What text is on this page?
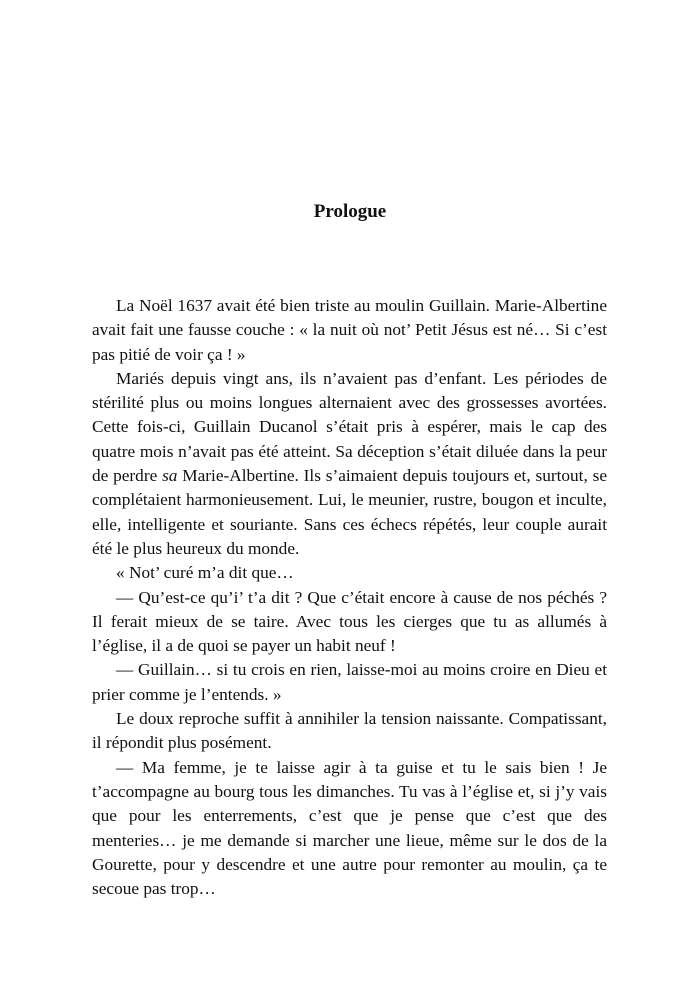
Prologue

La Noël 1637 avait été bien triste au moulin Guillain. Marie-Albertine avait fait une fausse couche : « la nuit où not’ Petit Jésus est né… Si c’est pas pitié de voir ça ! »

Mariés depuis vingt ans, ils n’avaient pas d’enfant. Les périodes de stérilité plus ou moins longues alternaient avec des grossesses avortées. Cette fois-ci, Guillain Ducanol s’était pris à espérer, mais le cap des quatre mois n’avait pas été atteint. Sa déception s’était diluée dans la peur de perdre sa Marie-Albertine. Ils s’aimaient depuis toujours et, surtout, se complétaient harmonieusement. Lui, le meunier, rustre, bougon et inculte, elle, intelligente et souriante. Sans ces échecs répétés, leur couple aurait été le plus heureux du monde.

« Not’ curé m’a dit que…

— Qu’est-ce qu’i’ t’a dit ? Que c’était encore à cause de nos péchés ? Il ferait mieux de se taire. Avec tous les cierges que tu as allumés à l’église, il a de quoi se payer un habit neuf !

— Guillain… si tu crois en rien, laisse-moi au moins croire en Dieu et prier comme je l’entends. »

Le doux reproche suffit à annihiler la tension naissante. Compatissant, il répondit plus posément.

— Ma femme, je te laisse agir à ta guise et tu le sais bien ! Je t’accompagne au bourg tous les dimanches. Tu vas à l’église et, si j’y vais que pour les enterrements, c’est que je pense que c’est que des menteries… je me demande si marcher une lieue, même sur le dos de la Gourette, pour y descendre et une autre pour remonter au moulin, ça te secoue pas trop…
